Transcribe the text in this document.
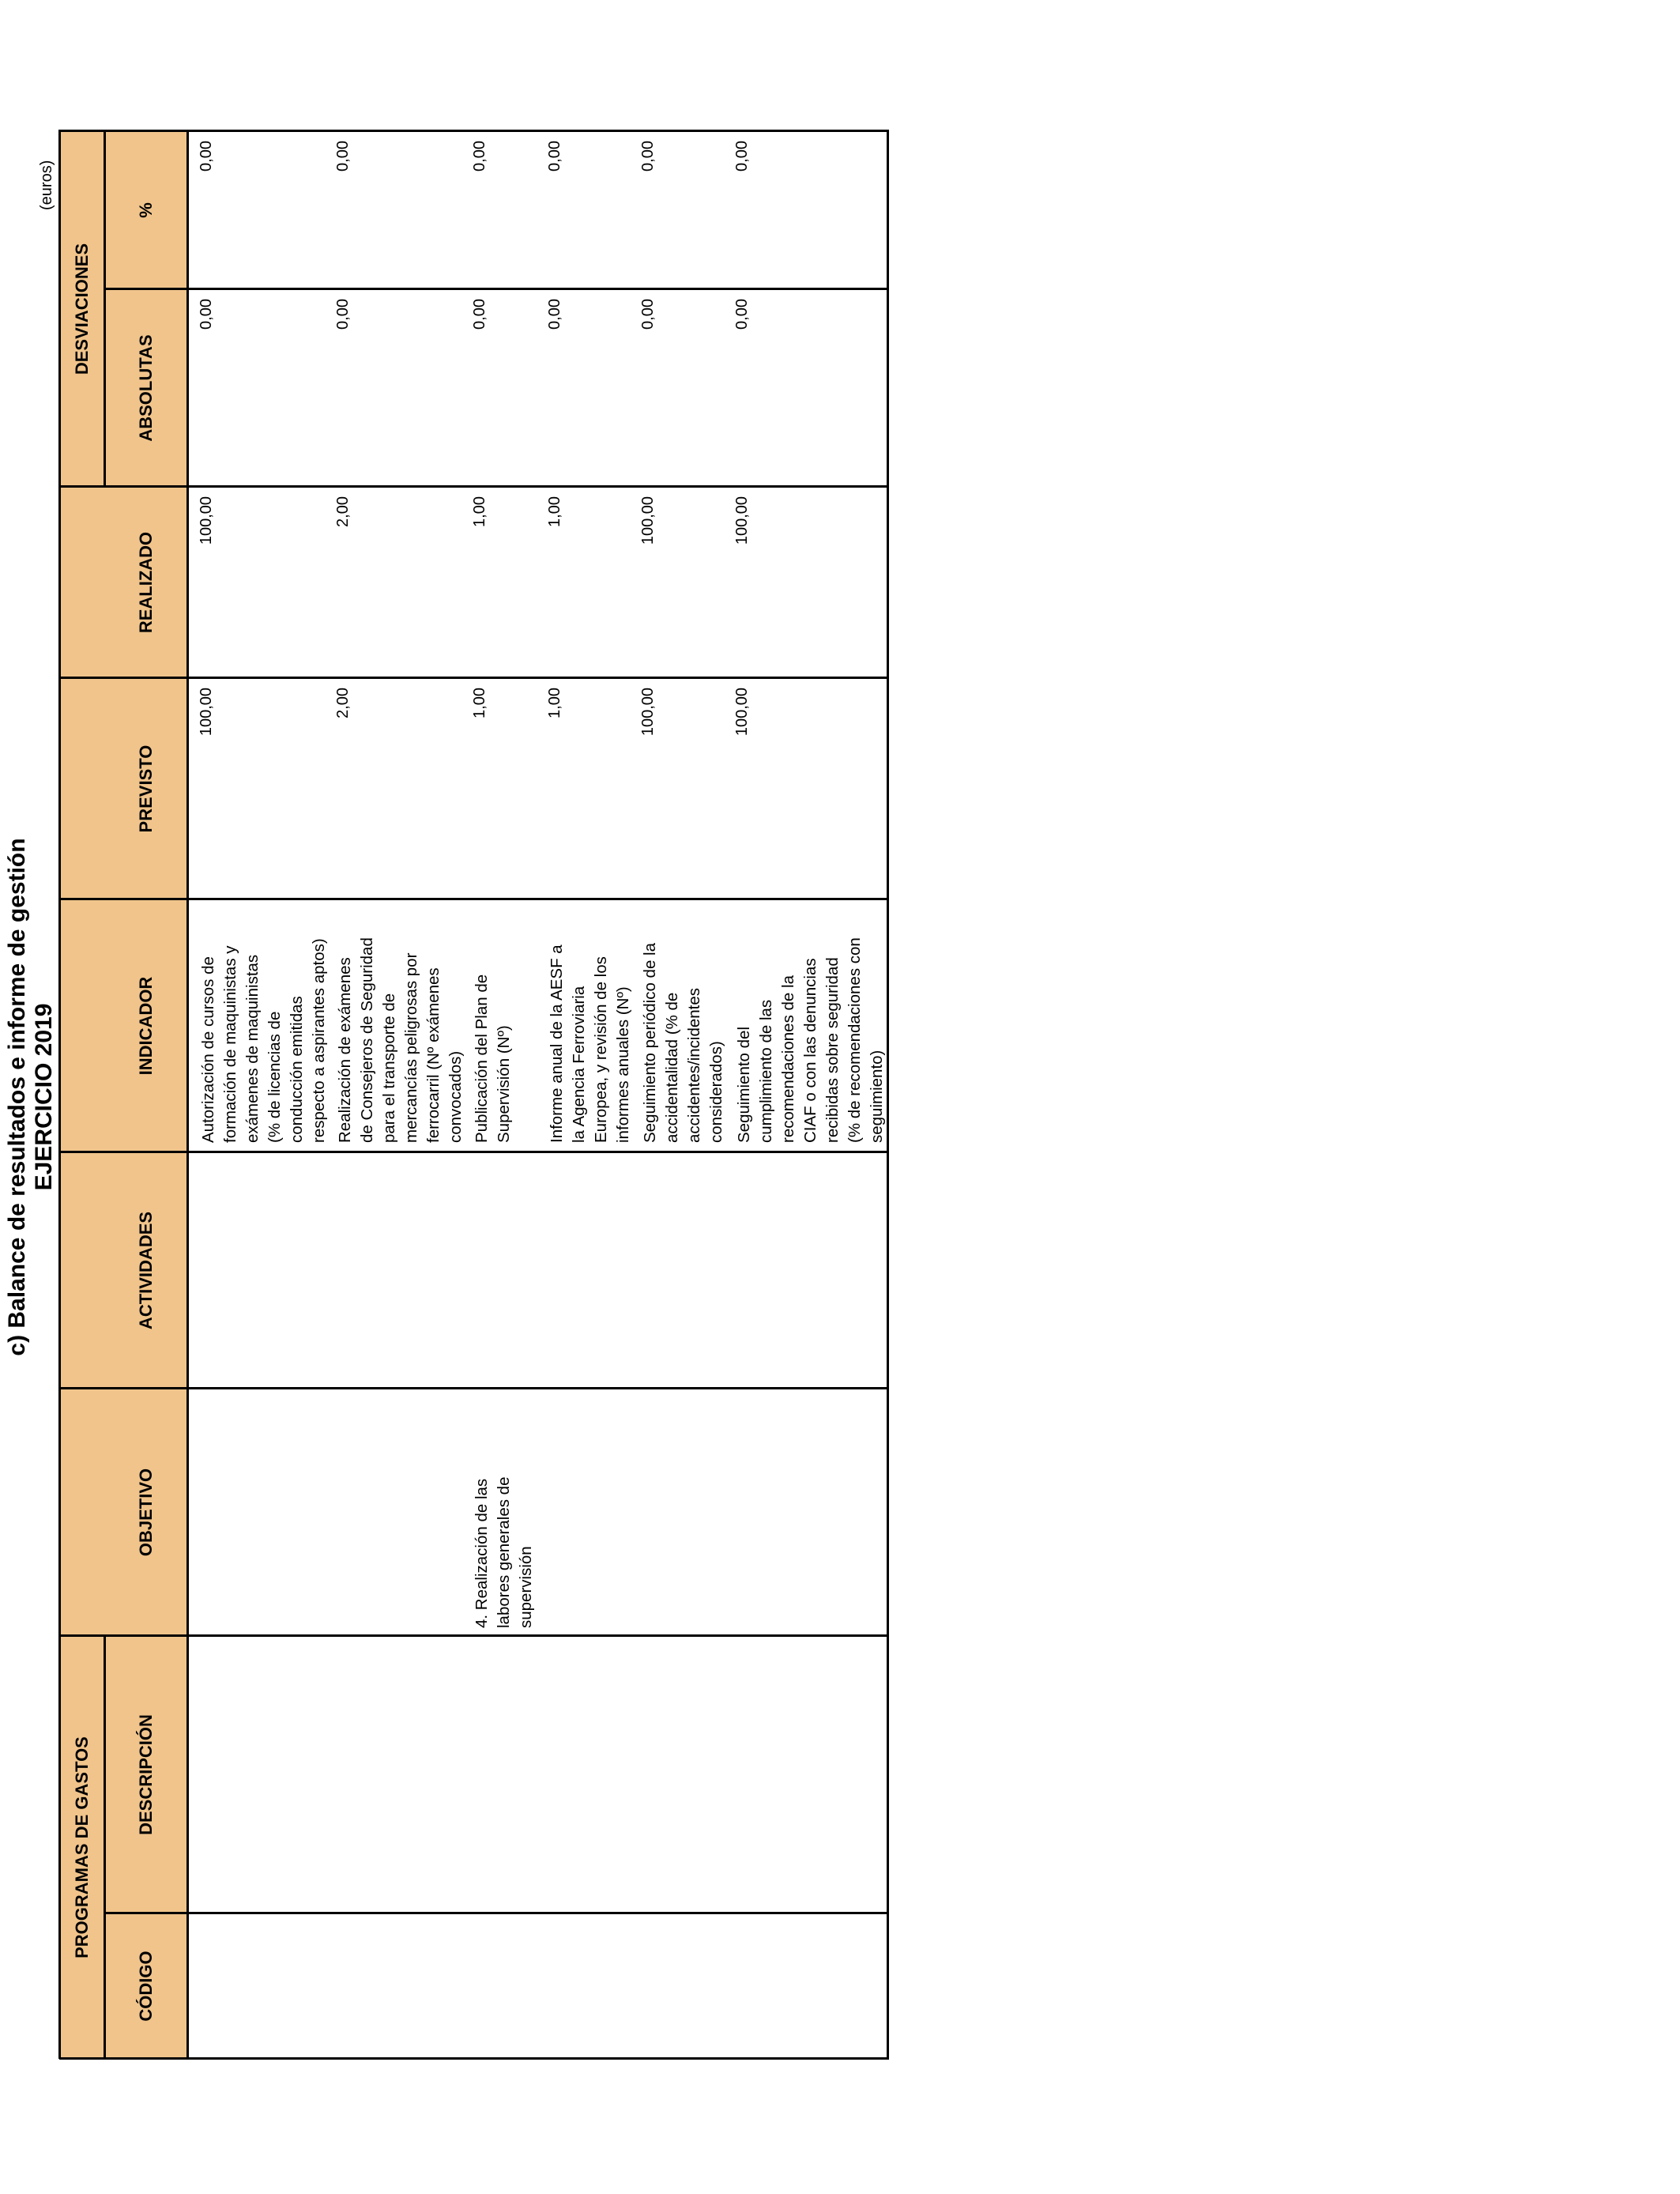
c) Balance de resultados e informe de gestión EJERCICIO 2019
(euros)
PROGRAMAS DE GASTOS
CÓDIGO
DESCRIPCIÓN
DESVIACIONES
ABSOLUTAS
%
OBJETIVO
ACTIVIDADES
INDICADOR
PREVISTO
REALIZADO
Autorización de cursos de formación de maquinistas y exámenes de maquinistas (% de licencias de conducción emitidas respecto a aspirantes aptos)
100,00
100,00
0,00
0,00
Realización de exámenes de Consejeros de Seguridad para el transporte de mercancías peligrosas por ferrocarril (Nº exámenes convocados)
2,00
2,00
0,00
0,00
Publicación del Plan de Supervisión (Nº)
1,00
1,00
0,00
0,00
Informe anual de la AESF a la Agencia Ferroviaria Europea, y revisión de los informes anuales (Nº)
1,00
1,00
0,00
0,00
Seguimiento periódico de la accidentalidad (% de accidentes/incidentes considerados)
100,00
100,00
0,00
0,00
Seguimiento del cumplimiento de las recomendaciones de la CIAF o con las denuncias recibidas sobre seguridad (% de recomendaciones con seguimiento)
100,00
100,00
0,00
0,00
4. Realización de las labores generales de supervisión
